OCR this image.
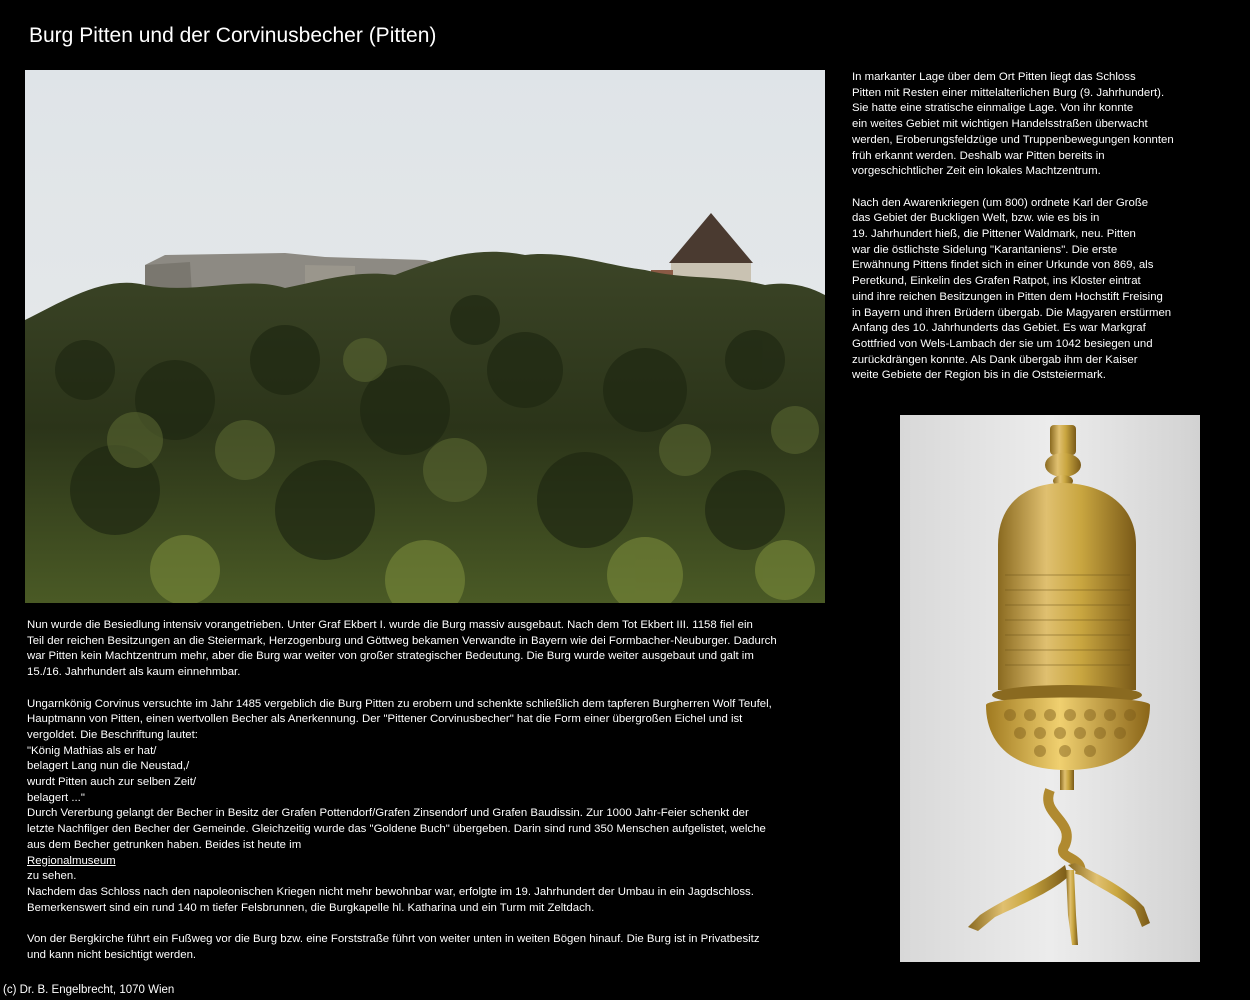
Burg Pitten und der Corvinusbecher (Pitten)

In markanter Lage über dem Ort Pitten liegt das Schloss
Pitten mit Resten einer mittelalterlichen Burg (9. Jahrhundert).
Sie hatte eine stratische einmalige Lage. Von ihr konnte
ein weites Gebiet mit wichtigen Handelsstraßen überwacht
werden, Eroberungsfeldzüge und Truppenbewegungen konnten
früh erkannt werden. Deshalb war Pitten bereits in
vorgeschichtlicher Zeit ein lokales Machtzentrum.

Nach den Awarenkriegen (um 800) ordnete Karl der Große
das Gebiet der Buckligen Welt, bzw. wie es bis in
19. Jahrhundert hieß, die Pittener Waldmark, neu. Pitten
war die östlichste Sidelung "Karantaniens". Die erste
Erwähnung Pittens findet sich in einer Urkunde von 869, als
Peretkund, Einkelin des Grafen Ratpot, ins Kloster eintrat
uind ihre reichen Besitzungen in Pitten dem Hochstift Freising
in Bayern und ihren Brüdern übergab. Die Magyaren erstürmen
Anfang des 10. Jahrhunderts das Gebiet. Es war Markgraf
Gottfried von Wels-Lambach der sie um 1042 besiegen und
zurückdrängen konnte. Als Dank übergab ihm der Kaiser
weite Gebiete der Region bis in die Oststeiermark.

Nun wurde die Besiedlung intensiv vorangetrieben. Unter Graf Ekbert I. wurde die Burg massiv ausgebaut. Nach dem Tot Ekbert III. 1158 fiel ein
Teil der reichen Besitzungen an die Steiermark, Herzogenburg und Göttweg bekamen Verwandte in Bayern wie dei Formbacher-Neuburger. Dadurch
war Pitten kein Machtzentrum mehr, aber die Burg war weiter von großer strategischer Bedeutung. Die Burg wurde weiter ausgebaut und galt im
15./16. Jahrhundert als kaum einnehmbar.

Ungarnkönig Corvinus versuchte im Jahr 1485 vergeblich die Burg Pitten zu erobern und schenkte schließlich dem tapferen Burgherren Wolf Teufel,
Hauptmann von Pitten, einen wertvollen Becher als Anerkennung. Der "Pittener Corvinusbecher" hat die Form einer übergroßen Eichel und ist
vergoldet. Die Beschriftung lautet:
"König Mathias als er hat/
belagert Lang nun die Neustad,/
wurdt Pitten auch zur selben Zeit/
belagert ..."
Durch Vererbung gelangt der Becher in Besitz der Grafen Pottendorf/Grafen Zinsendorf und Grafen Baudissin. Zur 1000 Jahr-Feier schenkt der
letzte Nachfilger den Becher der Gemeinde. Gleichzeitig wurde das "Goldene Buch" übergeben. Darin sind rund 350 Menschen aufgelistet, welche
aus dem Becher getrunken haben. Beides ist heute im

Regionalmuseum
zu sehen.
Nachdem das Schloss nach den napoleonischen Kriegen nicht mehr bewohnbar war, erfolgte im 19. Jahrhundert der Umbau in ein Jagdschloss.
Bemerkenswert sind ein rund 140 m tiefer Felsbrunnen, die Burgkapelle hl. Katharina und ein Turm mit Zeltdach.

Von der Bergkirche führt ein Fußweg vor die Burg bzw. eine Forststraße führt von weiter unten in weiten Bögen hinauf. Die Burg ist in Privatbesitz
und kann nicht besichtigt werden.

(c) Dr. B. Engelbrecht, 1070 Wien
